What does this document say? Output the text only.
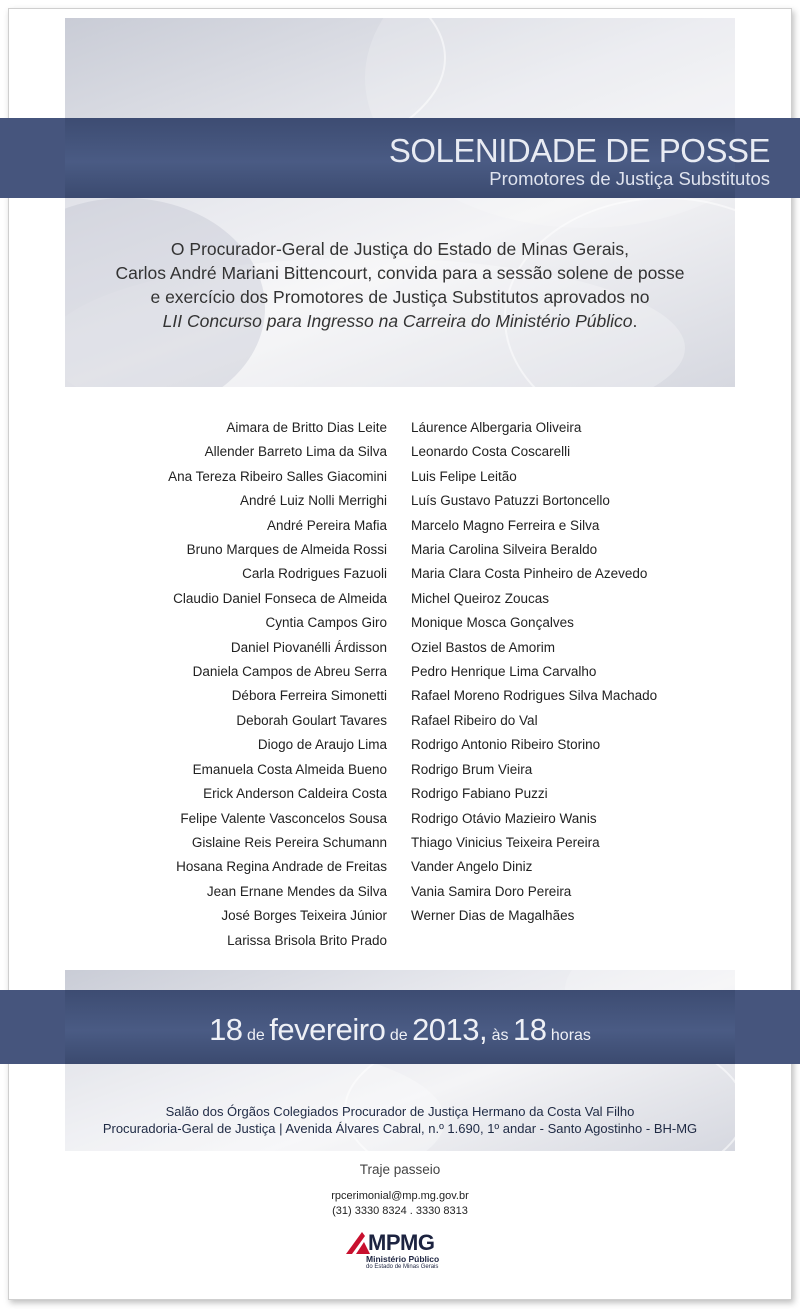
SOLENIDADE DE POSSE
Promotores de Justiça Substitutos
O Procurador-Geral de Justiça do Estado de Minas Gerais,
Carlos André Mariani Bittencourt, convida para a sessão solene de posse
e exercício dos Promotores de Justiça Substitutos aprovados no
LII Concurso para Ingresso na Carreira do Ministério Público.
Aimara de Britto Dias Leite
Allender Barreto Lima da Silva
Ana Tereza Ribeiro Salles Giacomini
André Luiz Nolli Merrighi
André Pereira Mafia
Bruno Marques de Almeida Rossi
Carla Rodrigues Fazuoli
Claudio Daniel Fonseca de Almeida
Cyntia Campos Giro
Daniel Piovanélli Árdisson
Daniela Campos de Abreu Serra
Débora Ferreira Simonetti
Deborah Goulart Tavares
Diogo de Araujo Lima
Emanuela Costa Almeida Bueno
Erick Anderson Caldeira Costa
Felipe Valente Vasconcelos Sousa
Gislaine Reis Pereira Schumann
Hosana Regina Andrade de Freitas
Jean Ernane Mendes da Silva
José Borges Teixeira Júnior
Larissa Brisola Brito Prado
Láurence Albergaria Oliveira
Leonardo Costa Coscarelli
Luis Felipe Leitão
Luís Gustavo Patuzzi Bortoncello
Marcelo Magno Ferreira e Silva
Maria Carolina Silveira Beraldo
Maria Clara Costa Pinheiro de Azevedo
Michel Queiroz Zoucas
Monique Mosca Gonçalves
Oziel Bastos de Amorim
Pedro Henrique Lima Carvalho
Rafael Moreno Rodrigues Silva Machado
Rafael Ribeiro do Val
Rodrigo Antonio Ribeiro Storino
Rodrigo Brum Vieira
Rodrigo Fabiano Puzzi
Rodrigo Otávio Mazieiro Wanis
Thiago Vinicius Teixeira Pereira
Vander Angelo Diniz
Vania Samira Doro Pereira
Werner Dias de Magalhães
18 de fevereiro de 2013, às 18 horas
Salão dos Órgãos Colegiados Procurador de Justiça Hermano da Costa Val Filho
Procuradoria-Geral de Justiça | Avenida Álvares Cabral, n.º 1.690, 1º andar - Santo Agostinho - BH-MG
Traje passeio
rpcerimonial@mp.mg.gov.br
(31) 3330 8324 . 3330 8313
MPMG
Ministério Público
do Estado de Minas Gerais
